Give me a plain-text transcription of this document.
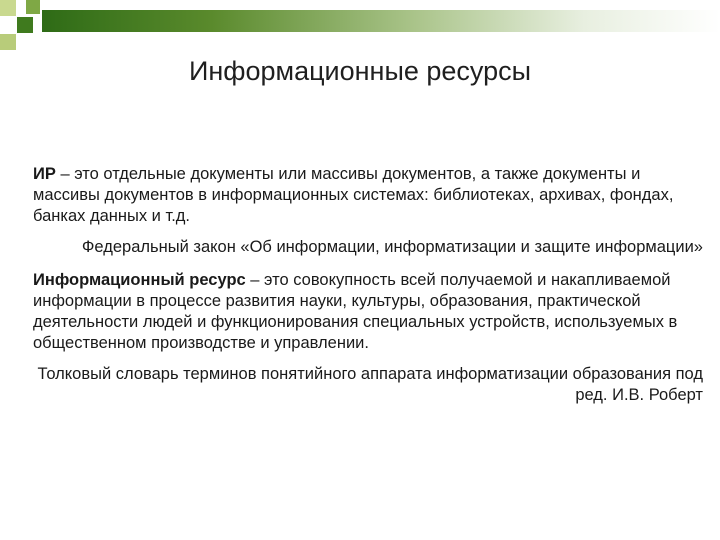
Информационные ресурсы

ИР – это отдельные документы или массивы документов, а также документы и массивы документов в информационных системах: библиотеках, архивах, фондах, банках данных и т.д.

Федеральный закон «Об информации, информатизации и защите информации»

Информационный ресурс – это совокупность всей получаемой и накапливаемой информации в процессе развития науки, культуры, образования, практической деятельности людей и функционирования специальных устройств, используемых в общественном производстве и управлении.

Толковый словарь терминов понятийного аппарата информатизации образования под ред. И.В. Роберт
